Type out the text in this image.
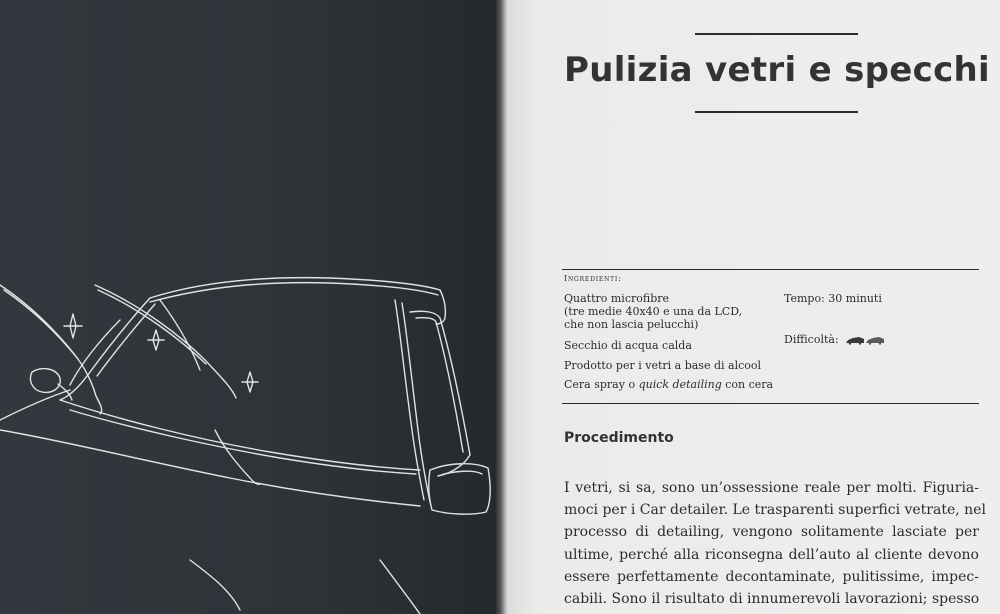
Pulizia vetri e specchi
Ingredienti:
Quattro microfibre
(tre medie 40x40 e una da LCD,
che non lascia pelucchi)
Secchio di acqua calda
Prodotto per i vetri a base di alcool
Cera spray o quick detailing con cera
Tempo: 30 minuti
Difficoltà:
Procedimento
I vetri, si sa, sono un’ossessione reale per molti. Figuria-
moci per i Car detailer. Le trasparenti superfici vetrate, nel
processo di detailing, vengono solitamente lasciate per
ultime, perché alla riconsegna dell’auto al cliente devono
essere perfettamente decontaminate, pulitissime, impec-
cabili. Sono il risultato di innumerevoli lavorazioni; spesso
